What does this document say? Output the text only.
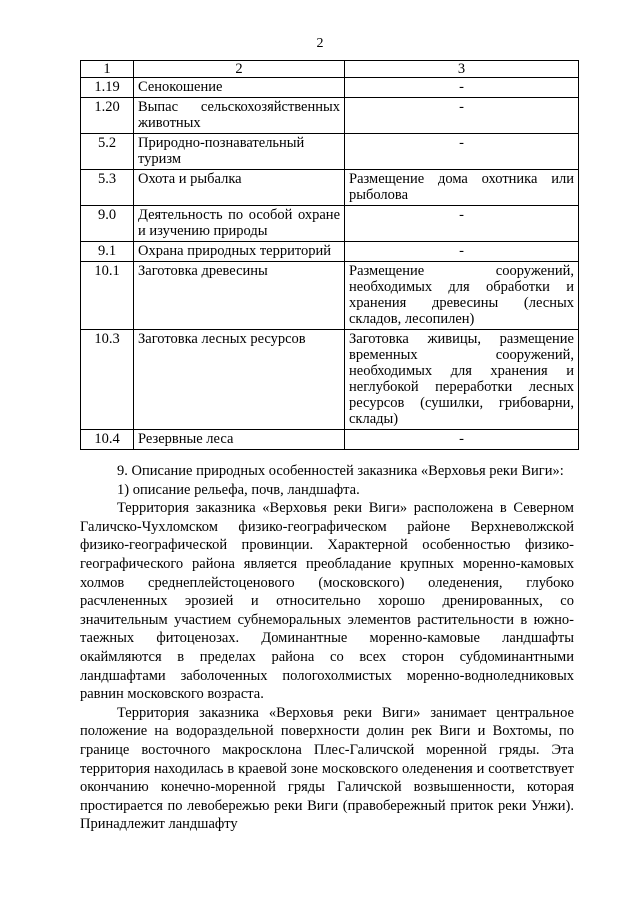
2
1	2	3
1.19	Сенокошение	-
1.20	Выпас сельскохозяйственных животных	-
5.2	Природно-познавательный туризм	-
5.3	Охота и рыбалка	Размещение дома охотника или рыболова
9.0	Деятельность по особой охране и изучению природы	-
9.1	Охрана природных территорий	-
10.1	Заготовка древесины	Размещение сооружений, необходимых для обработки и хранения древесины (лесных складов, лесопилен)
10.3	Заготовка лесных ресурсов	Заготовка живицы, размещение временных сооружений, необходимых для хранения и неглубокой переработки лесных ресурсов (сушилки, грибоварни, склады)
10.4	Резервные леса	-

9. Описание природных особенностей заказника «Верховья реки Виги»:

1) описание рельефа, почв, ландшафта.

Территория заказника «Верховья реки Виги» расположена в Северном Галичско-Чухломском физико-географическом районе Верхневолжской физико-географической провинции. Характерной особенностью физико-географического района является преобладание крупных моренно-камовых холмов среднеплейстоценового (московского) оледенения, глубоко расчлененных эрозией и относительно хорошо дренированных, со значительным участием субнеморальных элементов растительности в южно-таежных фитоценозах. Доминантные моренно-камовые ландшафты окаймляются в пределах района со всех сторон субдоминантными ландшафтами заболоченных пологохолмистых моренно-водноледниковых равнин московского возраста.

Территория заказника «Верховья реки Виги» занимает центральное положение на водораздельной поверхности долин рек Виги и Вохтомы, по границе восточного макросклона Плес-Галичской моренной гряды. Эта территория находилась в краевой зоне московского оледенения и соответствует окончанию конечно-моренной гряды Галичской возвышенности, которая простирается по левобережью реки Виги (правобережный приток реки Унжи). Принадлежит ландшафту
